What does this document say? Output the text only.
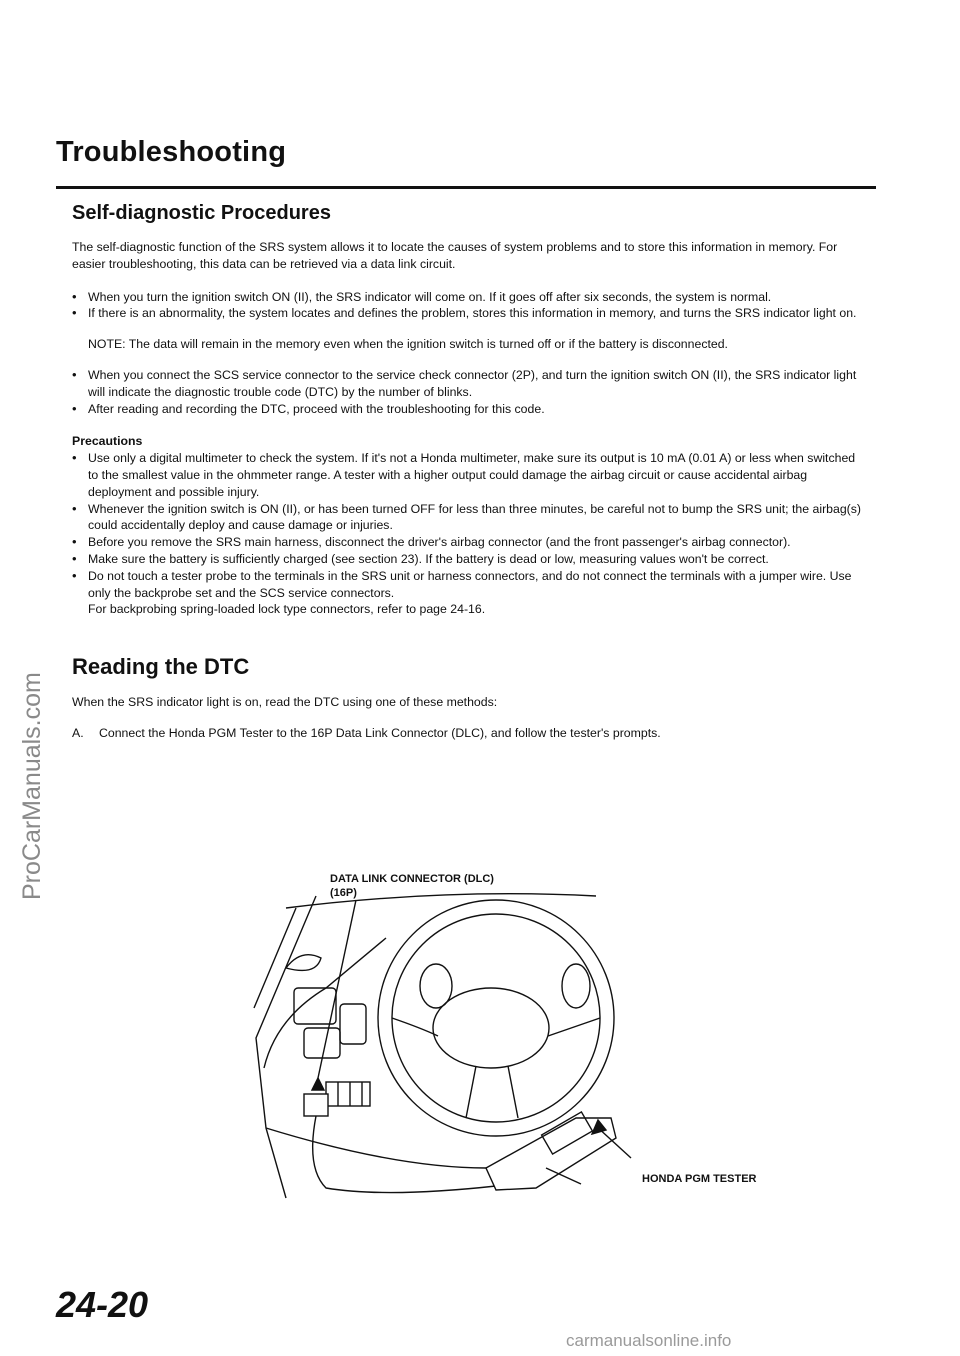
ProCarManuals.com
Troubleshooting
Self-diagnostic Procedures

The self-diagnostic function of the SRS system allows it to locate the causes of system problems and to store this information in memory. For easier troubleshooting, this data can be retrieved via a data link circuit.

• When you turn the ignition switch ON (II), the SRS indicator will come on. If it goes off after six seconds, the system is normal.
• If there is an abnormality, the system locates and defines the problem, stores this information in memory, and turns the SRS indicator light on.

NOTE: The data will remain in the memory even when the ignition switch is turned off or if the battery is disconnected.

• When you connect the SCS service connector to the service check connector (2P), and turn the ignition switch ON (II), the SRS indicator light will indicate the diagnostic trouble code (DTC) by the number of blinks.
• After reading and recording the DTC, proceed with the troubleshooting for this code.
Precautions
• Use only a digital multimeter to check the system. If it's not a Honda multimeter, make sure its output is 10 mA (0.01 A) or less when switched to the smallest value in the ohmmeter range. A tester with a higher output could damage the airbag circuit or cause accidental airbag deployment and possible injury.
• Whenever the ignition switch is ON (II), or has been turned OFF for less than three minutes, be careful not to bump the SRS unit; the airbag(s) could accidentally deploy and cause damage or injuries.
• Before you remove the SRS main harness, disconnect the driver's airbag connector (and the front passenger's airbag connector).
• Make sure the battery is sufficiently charged (see section 23). If the battery is dead or low, measuring values won't be correct.
• Do not touch a tester probe to the terminals in the SRS unit or harness connectors, and do not connect the terminals with a jumper wire. Use only the backprobe set and the SCS service connectors.

For backprobing spring-loaded lock type connectors, refer to page 24-16.

Reading the DTC

When the SRS indicator light is on, read the DTC using one of these methods:

A.	Connect the Honda PGM Tester to the 16P Data Link Connector (DLC), and follow the tester's prompts.

DATA LINK CONNECTOR (DLC)
(16P)
HONDA PGM TESTER
24-20
carmanualsonline.info
